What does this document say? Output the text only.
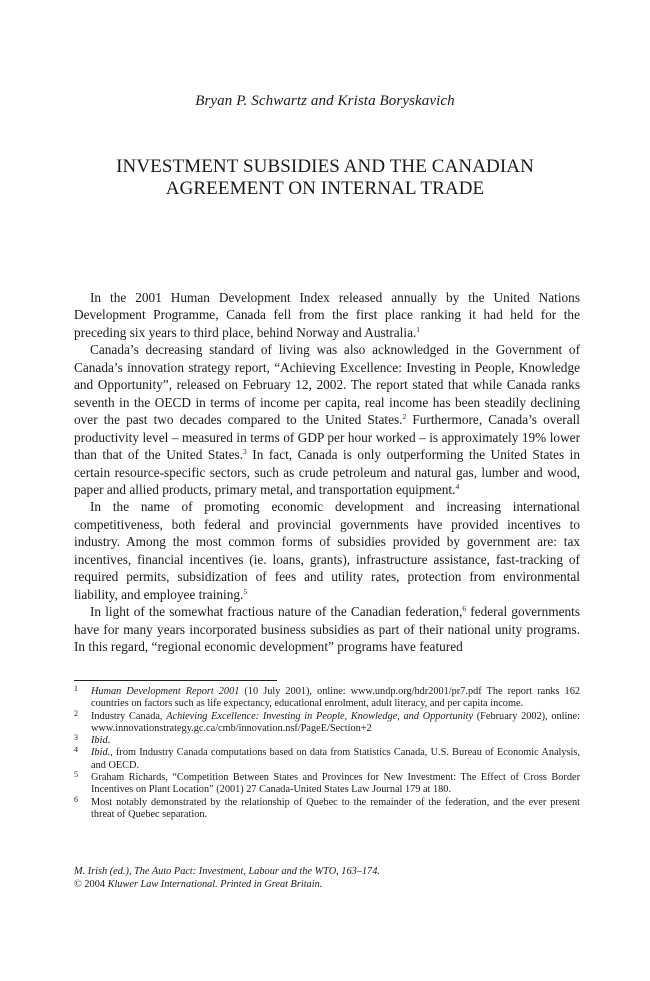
Bryan P. Schwartz and Krista Boryskavich
INVESTMENT SUBSIDIES AND THE CANADIAN
AGREEMENT ON INTERNAL TRADE

In the 2001 Human Development Index released annually by the United Nations Development Programme, Canada fell from the first place ranking it had held for the preceding six years to third place, behind Norway and Australia.$^1$

Canada’s decreasing standard of living was also acknowledged in the Government of Canada’s innovation strategy report, “Achieving Excellence: Investing in People, Knowledge and Opportunity”, released on February 12, 2002. The report stated that while Canada ranks seventh in the OECD in terms of income per capita, real income has been steadily declining over the past two decades compared to the United States.$^2$ Furthermore, Canada’s overall productivity level – measured in terms of GDP per hour worked – is approximately 19% lower than that of the United States.$^3$ In fact, Canada is only outperforming the United States in certain resource-specific sectors, such as crude petroleum and natural gas, lumber and wood, paper and allied products, primary metal, and transportation equipment.$^4$

In the name of promoting economic development and increasing international competitiveness, both federal and provincial governments have provided incentives to industry. Among the most common forms of subsidies provided by government are: tax incentives, financial incentives (ie. loans, grants), infrastructure assistance, fast-tracking of required permits, subsidization of fees and utility rates, protection from environmental liability, and employee training.$^5$

In light of the somewhat fractious nature of the Canadian federation,$^6$ federal governments have for many years incorporated business subsidies as part of their national unity programs. In this regard, “regional economic development” programs have featured

1 Human Development Report 2001 (10 July 2001), online: www.undp.org/hdr2001/pr7.pdf The report ranks 162 countries on factors such as life expectancy, educational enrolment, adult literacy, and per capita income.
2 Industry Canada, Achieving Excellence: Investing in People, Knowledge, and Opportunity (February 2002), online: www.innovationstrategy.gc.ca/cmb/innovation.nsf/PageE/Section+2
3 Ibid.
4 Ibid., from Industry Canada computations based on data from Statistics Canada, U.S. Bureau of Economic Analysis, and OECD.
5 Graham Richards, “Competition Between States and Provinces for New Investment: The Effect of Cross Border Incentives on Plant Location” (2001) 27 Canada-United States Law Journal 179 at 180.
6 Most notably demonstrated by the relationship of Quebec to the remainder of the federation, and the ever present threat of Quebec separation.
M. Irish (ed.), The Auto Pact: Investment, Labour and the WTO, 163–174.
© 2004 Kluwer Law International. Printed in Great Britain.
